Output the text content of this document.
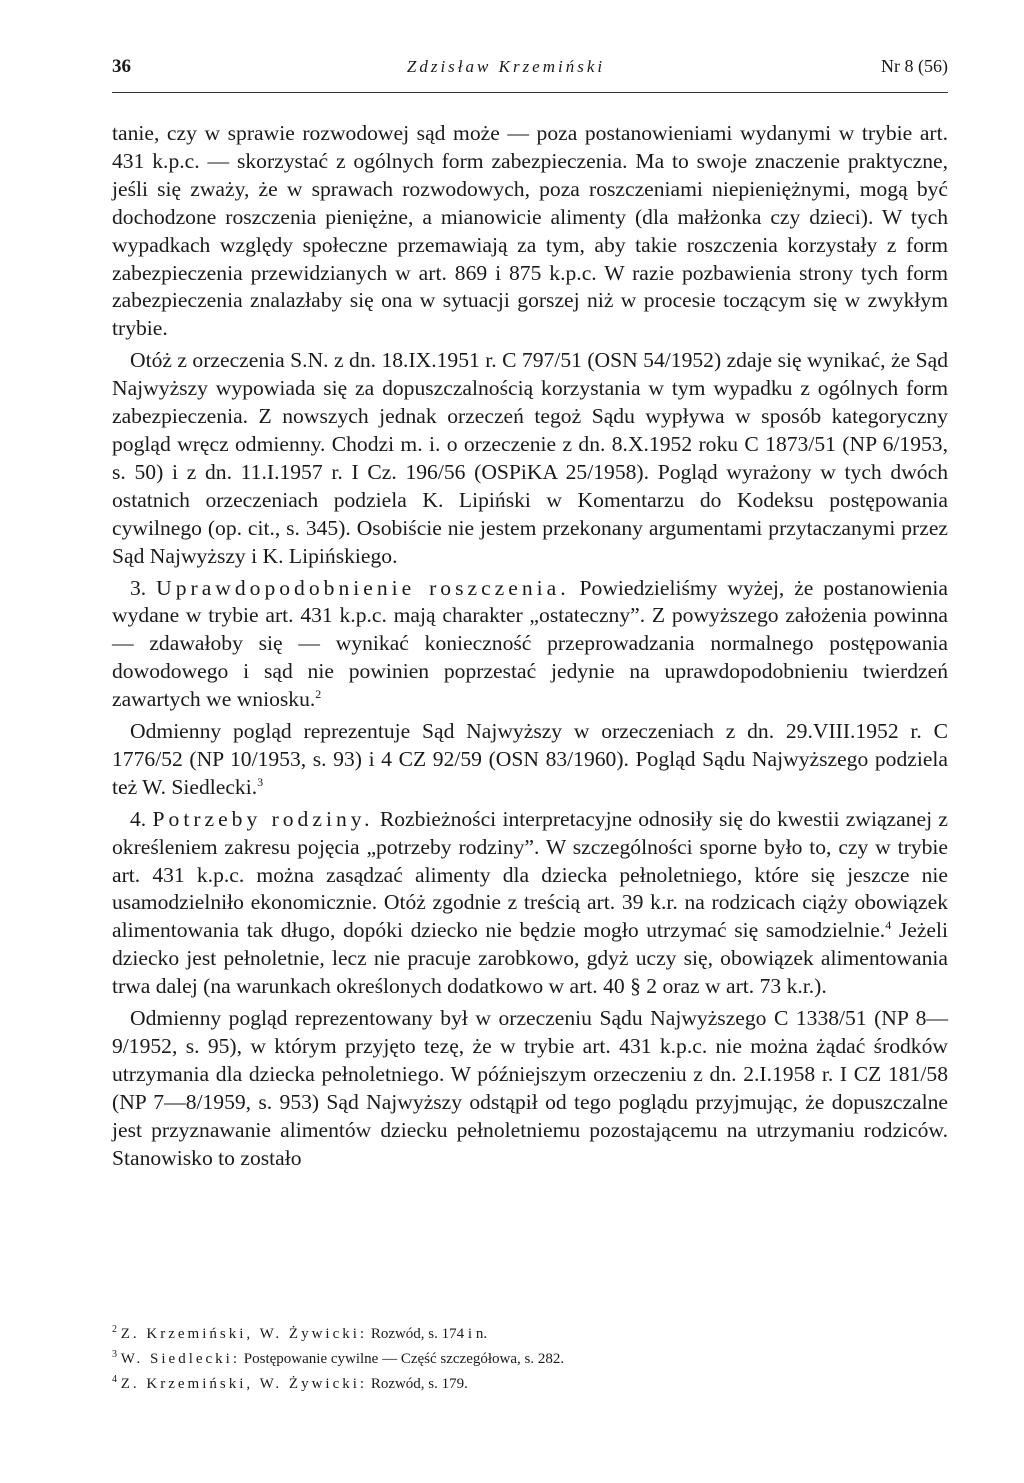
36	Zdzisław Krzemiński	Nr 8 (56)

tanie, czy w sprawie rozwodowej sąd może — poza postanowieniami wydanymi w trybie art. 431 k.p.c. — skorzystać z ogólnych form zabezpieczenia. Ma to swoje znaczenie praktyczne, jeśli się zważy, że w sprawach rozwodowych, poza roszczeniami niepieniężnymi, mogą być dochodzone roszczenia pieniężne, a mianowicie alimenty (dla małżonka czy dzieci). W tych wypadkach względy społeczne przemawiają za tym, aby takie roszczenia korzystały z form zabezpieczenia przewidzianych w art. 869 i 875 k.p.c. W razie pozbawienia strony tych form zabezpieczenia znalazłaby się ona w sytuacji gorszej niż w procesie toczącym się w zwykłym trybie.

Otóż z orzeczenia S.N. z dn. 18.IX.1951 r. C 797/51 (OSN 54/1952) zdaje się wynikać, że Sąd Najwyższy wypowiada się za dopuszczalnością korzystania w tym wypadku z ogólnych form zabezpieczenia. Z nowszych jednak orzeczeń tegoż Sądu wypływa w sposób kategoryczny pogląd wręcz odmienny. Chodzi m. i. o orzeczenie z dn. 8.X.1952 roku C 1873/51 (NP 6/1953, s. 50) i z dn. 11.I.1957 r. I Cz. 196/56 (OSPiKA 25/1958). Pogląd wyrażony w tych dwóch ostatnich orzeczeniach podziela K. Lipiński w Komentarzu do Kodeksu postępowania cywilnego (op. cit., s. 345). Osobiście nie jestem przekonany argumentami przytaczanymi przez Sąd Najwyższy i K. Lipińskiego.

3. Uprawdopodobnienie roszczenia. Powiedzieliśmy wyżej, że postanowienia wydane w trybie art. 431 k.p.c. mają charakter „ostateczny”. Z powyższego założenia powinna — zdawałoby się — wynikać konieczność przeprowadzania normalnego postępowania dowodowego i sąd nie powinien poprzestać jedynie na uprawdopodobnieniu twierdzeń zawartych we wniosku.$^2$

Odmienny pogląd reprezentuje Sąd Najwyższy w orzeczeniach z dn. 29.VIII.1952 r. C 1776/52 (NP 10/1953, s. 93) i 4 CZ 92/59 (OSN 83/1960). Pogląd Sądu Najwyższego podziela też W. Siedlecki.$^3$

4. Potrzeby rodziny. Rozbieżności interpretacyjne odnosiły się do kwestii związanej z określeniem zakresu pojęcia „potrzeby rodziny”. W szczególności sporne było to, czy w trybie art. 431 k.p.c. można zasądzać alimenty dla dziecka pełnoletniego, które się jeszcze nie usamodzielniło ekonomicznie. Otóż zgodnie z treścią art. 39 k.r. na rodzicach ciąży obowiązek alimentowania tak długo, dopóki dziecko nie będzie mogło utrzymać się samodzielnie.$^4$ Jeżeli dziecko jest pełnoletnie, lecz nie pracuje zarobkowo, gdyż uczy się, obowiązek alimentowania trwa dalej (na warunkach określonych dodatkowo w art. 40 § 2 oraz w art. 73 k.r.).

Odmienny pogląd reprezentowany był w orzeczeniu Sądu Najwyższego C 1338/51 (NP 8—9/1952, s. 95), w którym przyjęto tezę, że w trybie art. 431 k.p.c. nie można żądać środków utrzymania dla dziecka pełnoletniego. W późniejszym orzeczeniu z dn. 2.I.1958 r. I CZ 181/58 (NP 7—8/1959, s. 953) Sąd Najwyższy odstąpił od tego poglądu przyjmując, że dopuszczalne jest przyznawanie alimentów dziecku pełnoletniemu pozostającemu na utrzymaniu rodziców. Stanowisko to zostało

$^2$ Z. Krzemiński, W. Żywicki: Rozwód, s. 174 i n.

$^3$ W. Siedlecki: Postępowanie cywilne — Część szczegółowa, s. 282.

$^4$ Z. Krzemiński, W. Żywicki: Rozwód, s. 179.
